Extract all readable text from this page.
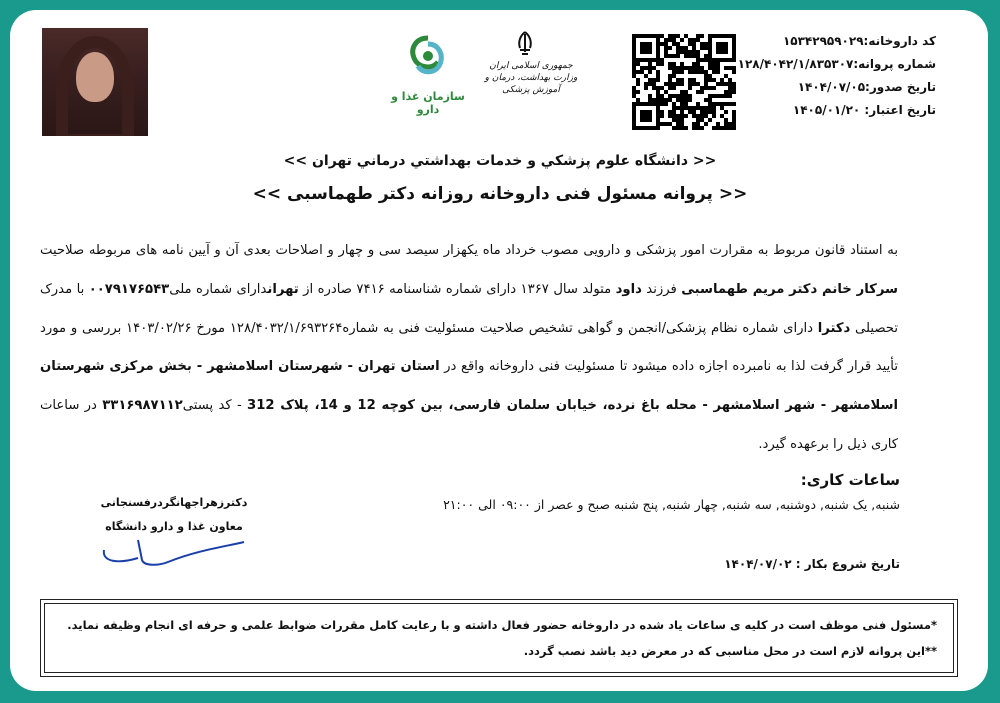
سازمان غذا و دارو
جمهوری اسلامی ایران
وزارت بهداشت، درمان و آموزش پزشکی
کد داروخانه:۱۵۳۴۲۹۵۹۰۲۹
شماره پروانه:۱۲۸/۴۰۴۲/۱/۸۳۵۳۰۷
تاریخ صدور:۱۴۰۴/۰۷/۰۵
تاریخ اعتبار: ۱۴۰۵/۰۱/۲۰
<< دانشگاه علوم پزشكي و خدمات بهداشتي درماني تهران >>
<< پروانه مسئول فنی داروخانه روزانه دکتر طهماسبی >>
به استناد قانون مربوط به مقرارت امور پزشکی و دارویی مصوب خرداد ماه یکهزار سیصد سی و چهار و اصلاحات بعدی آن و آیین نامه های مربوطه صلاحیت سرکار خانم دکتر مریم طهماسبی فرزند داود متولد سال ۱۳۶۷ دارای شماره شناسنامه ۷۴۱۶ صادره از تهراندارای شماره ملی۰۰۷۹۱۷۶۵۴۳ با مدرک تحصیلی دکترا دارای شماره نظام پزشکی/انجمن و گواهی تشخیص صلاحیت مسئولیت فنی به شماره۱۲۸/۴۰۳۲/۱/۶۹۳۲۶۴ مورخ ۱۴۰۳/۰۲/۲۶ بررسی و مورد تأیید قرار گرفت لذا به نامبرده اجازه داده میشود تا مسئولیت فنی داروخانه واقع در استان تهران - شهرستان اسلامشهر - بخش مرکزی شهرستان اسلامشهر - شهر اسلامشهر - محله باغ نرده، خیابان سلمان فارسی، بین کوچه 12 و 14، پلاک 312 - کد پستی۳۳۱۶۹۸۷۱۱۲ در ساعات کاری ذیل را برعهده گیرد.
ساعات کاری:
شنبه, یک شنبه, دوشنبه, سه شنبه, چهار شنبه, پنج شنبه صبح و عصر از ۰۹:۰۰ الی ۲۱:۰۰
تاریخ شروع بکار : ۱۴۰۴/۰۷/۰۲
دکترزهراجهانگردرفسنجانی
معاون غذا و دارو دانشگاه
*مسئول فنی موظف است در کلیه ی ساعات یاد شده در داروخانه حضور فعال داشته و با رعایت کامل مقررات ضوابط علمی و حرفه ای انجام وظیفه نماید.
**این پروانه لازم است در محل مناسبی که در معرض دید باشد نصب گردد.
